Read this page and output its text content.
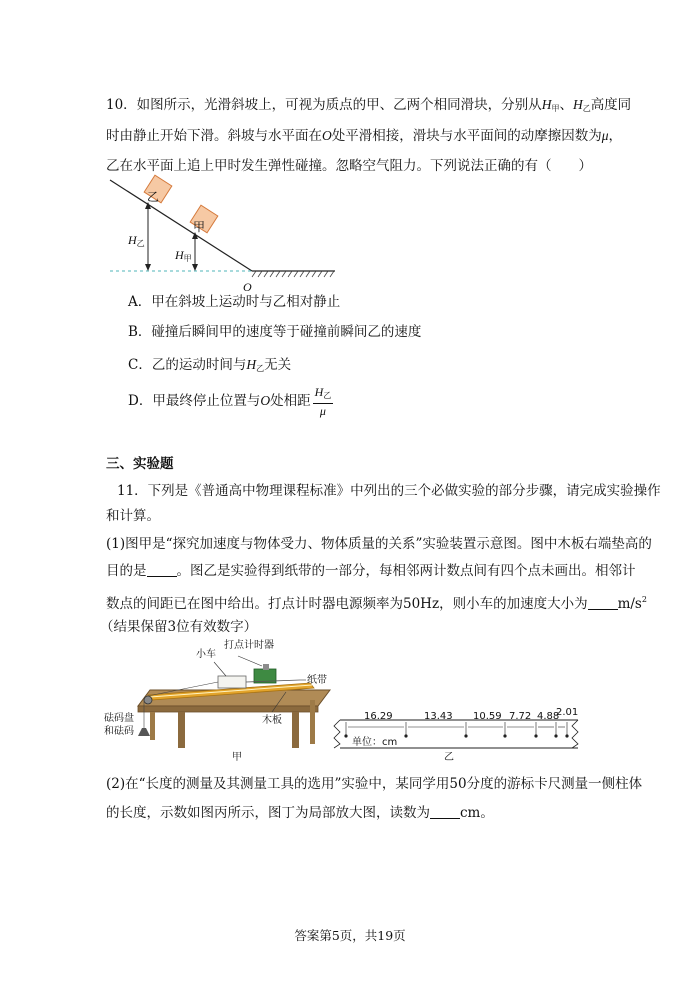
10．如图所示，光滑斜坡上，可视为质点的甲、乙两个相同滑块，分别从$H_甲$、$H_乙$高度同
时由静止开始下滑。斜坡与水平面在O处平滑相接，滑块与水平面间的动摩擦因数为μ，
乙在水平面上追上甲时发生弹性碰撞。忽略空气阻力。下列说法正确的有（　　）
乙
甲
$H_乙$
$H_甲$
O
A．甲在斜坡上运动时与乙相对静止
B．碰撞后瞬间甲的速度等于碰撞前瞬间乙的速度
C．乙的运动时间与$H_乙$无关
D．甲最终停止位置与O处相距 $\frac{H_乙}{\mu}$
三、实验题
11．下列是《普通高中物理课程标准》中列出的三个必做实验的部分步骤，请完成实验操作
和计算。
(1)图甲是“探究加速度与物体受力、物体质量的关系”实验装置示意图。图中木板右端垫高的
目的是 。图乙是实验得到纸带的一部分，每相邻两计数点间有四个点未画出。相邻计
数点的间距已在图中给出。打点计时器电源频率为50Hz，则小车的加速度大小为 $m/s^2$
（结果保留3位有效数字）
小车
打点计时器
纸带
砝码盘
和砝码
木板
甲
16.29	13.43 10.59 7.72 4.88
2.01
单位：cm
乙
(2)在“长度的测量及其测量工具的选用”实验中，某同学用50分度的游标卡尺测量一侧柱体
的长度，示数如图丙所示，图丁为局部放大图，读数为 cm。
答案第5页，共19页
